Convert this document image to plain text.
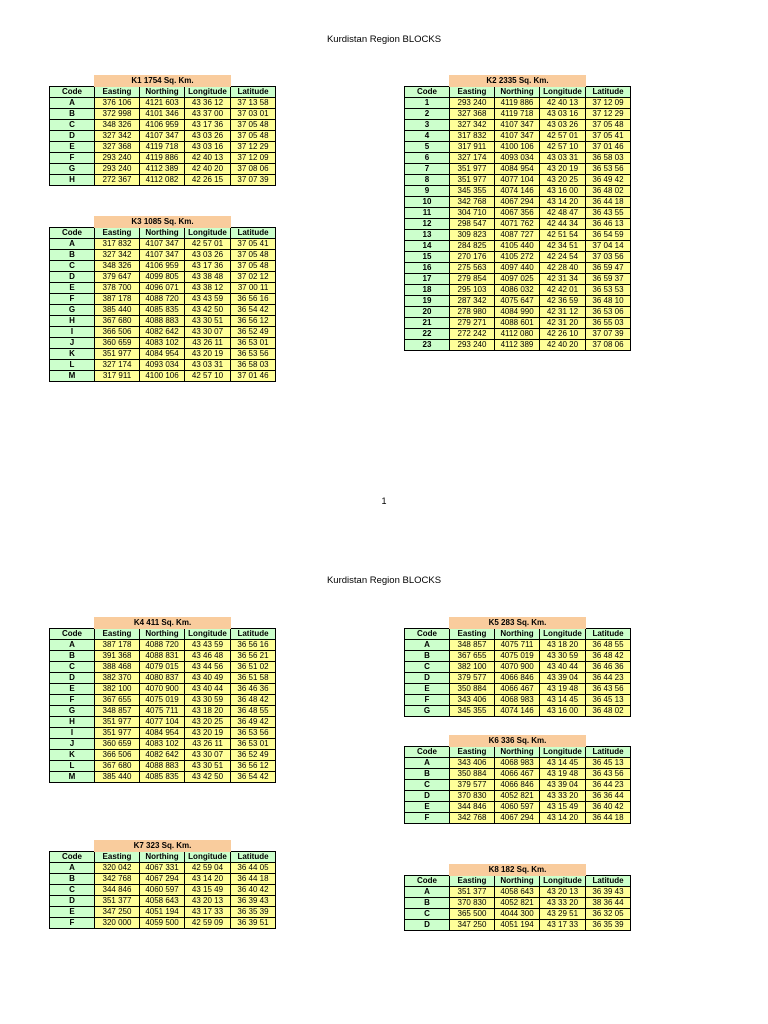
Kurdistan Region BLOCKS
1
Kurdistan Region BLOCKS
	K1 1754 Sq. Km.			
Code	Easting	Northing	Longitude	Latitude
A	376 106	4121 603	43 36 12	37 13 58
B	372 998	4101 346	43 37 00	37 03 01
C	348 326	4106 959	43 17 36	37 05 48
D	327 342	4107 347	43 03 26	37 05 48
E	327 368	4119 718	43 03 16	37 12 29
F	293 240	4119 886	42 40 13	37 12 09
G	293 240	4112 389	42 40 20	37 08 06
H	272 367	4112 082	42 26 15	37 07 39
	K2 2335 Sq. Km.			
Code	Easting	Northing	Longitude	Latitude
1	293 240	4119 886	42 40 13	37 12 09
2	327 368	4119 718	43 03 16	37 12 29
3	327 342	4107 347	43 03 26	37 05 48
4	317 832	4107 347	42 57 01	37 05 41
5	317 911	4100 106	42 57 10	37 01 46
6	327 174	4093 034	43 03 31	36 58 03
7	351 977	4084 954	43 20 19	36 53 56
8	351 977	4077 104	43 20 25	36 49 42
9	345 355	4074 146	43 16 00	36 48 02
10	342 768	4067 294	43 14 20	36 44 18
11	304 710	4067 356	42 48 47	36 43 55
12	298 547	4071 762	42 44 34	36 46 13
13	309 823	4087 727	42 51 54	36 54 59
14	284 825	4105 440	42 34 51	37 04 14
15	270 176	4105 272	42 24 54	37 03 56
16	275 563	4097 440	42 28 40	36 59 47
17	279 854	4097 025	42 31 34	36 59 37
18	295 103	4086 032	42 42 01	36 53 53
19	287 342	4075 647	42 36 59	36 48 10
20	278 980	4084 990	42 31 12	36 53 06
21	279 271	4088 601	42 31 20	36 55 03
22	272 242	4112 080	42 26 10	37 07 39
23	293 240	4112 389	42 40 20	37 08 06
	K3 1085 Sq. Km.			
Code	Easting	Northing	Longitude	Latitude
A	317 832	4107 347	42 57 01	37 05 41
B	327 342	4107 347	43 03 26	37 05 48
C	348 326	4106 959	43 17 36	37 05 48
D	379 647	4099 805	43 38 48	37 02 12
E	378 700	4096 071	43 38 12	37 00 11
F	387 178	4088 720	43 43 59	36 56 16
G	385 440	4085 835	43 42 50	36 54 42
H	367 680	4088 883	43 30 51	36 56 12
I	366 506	4082 642	43 30 07	36 52 49
J	360 659	4083 102	43 26 11	36 53 01
K	351 977	4084 954	43 20 19	36 53 56
L	327 174	4093 034	43 03 31	36 58 03
M	317 911	4100 106	42 57 10	37 01 46
	K4 411 Sq. Km.			
Code	Easting	Northing	Longitude	Latitude
A	387 178	4088 720	43 43 59	36 56 16
B	391 368	4088 831	43 46 48	36 56 21
C	388 468	4079 015	43 44 56	36 51 02
D	382 370	4080 837	43 40 49	36 51 58
E	382 100	4070 900	43 40 44	36 46 36
F	367 655	4075 019	43 30 59	36 48 42
G	348 857	4075 711	43 18 20	36 48 55
H	351 977	4077 104	43 20 25	36 49 42
I	351 977	4084 954	43 20 19	36 53 56
J	360 659	4083 102	43 26 11	36 53 01
K	366 506	4082 642	43 30 07	36 52 49
L	367 680	4088 883	43 30 51	36 56 12
M	385 440	4085 835	43 42 50	36 54 42
	K5 283 Sq. Km.			
Code	Easting	Northing	Longitude	Latitude
A	348 857	4075 711	43 18 20	36 48 55
B	367 655	4075 019	43 30 59	36 48 42
C	382 100	4070 900	43 40 44	36 46 36
D	379 577	4066 846	43 39 04	36 44 23
E	350 884	4066 467	43 19 48	36 43 56
F	343 406	4068 983	43 14 45	36 45 13
G	345 355	4074 146	43 16 00	36 48 02
	K6 336 Sq. Km.			
Code	Easting	Northing	Longitude	Latitude
A	343 406	4068 983	43 14 45	36 45 13
B	350 884	4066 467	43 19 48	36 43 56
C	379 577	4066 846	43 39 04	36 44 23
D	370 830	4052 821	43 33 20	36 36 44
E	344 846	4060 597	43 15 49	36 40 42
F	342 768	4067 294	43 14 20	36 44 18
	K7 323 Sq. Km.			
Code	Easting	Northing	Longitude	Latitude
A	320 042	4067 331	42 59 04	36 44 05
B	342 768	4067 294	43 14 20	36 44 18
C	344 846	4060 597	43 15 49	36 40 42
D	351 377	4058 643	43 20 13	36 39 43
E	347 250	4051 194	43 17 33	36 35 39
F	320 000	4059 500	42 59 09	36 39 51
	K8 182 Sq. Km.			
Code	Easting	Northing	Longitude	Latitude
A	351 377	4058 643	43 20 13	36 39 43
B	370 830	4052 821	43 33 20	38 36 44
C	365 500	4044 300	43 29 51	36 32 05
D	347 250	4051 194	43 17 33	36 35 39
